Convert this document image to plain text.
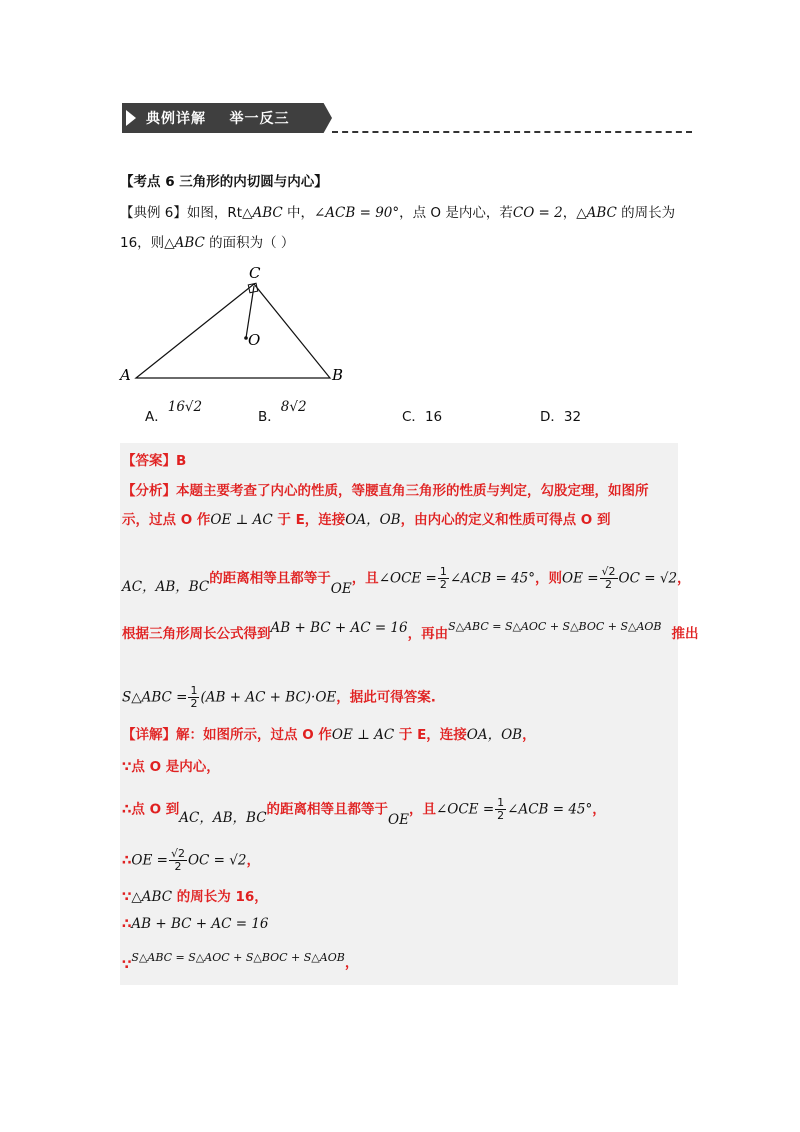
典例详解    举一反三
【考点 6 三角形的内切圆与内心】
【典例 6】如图，Rt△ABC 中，∠ACB = 90°，点 O 是内心，若CO = 2，△ABC 的周长为
16，则△ABC 的面积为（ ）
A	B
C
O
A．16√2
B．8√2
C．16	D．32
【答案】B
【分析】本题主要考查了内心的性质，等腰直角三角形的性质与判定，勾股定理，如图所
示，过点 O 作OE ⊥ AC 于 E，连接OA，OB，由内心的定义和性质可得点 O 到
AC，AB，BC的距离相等且都等于OE，且∠OCE = $\frac{1}{2}$ ∠ACB = 45°，则OE = $\frac{√2}{2}$ OC = √2，
根据三角形周长公式得到AB + BC + AC = 16，再由$^{S\triangle ABC = S\triangle AOC + S\triangle BOC + S\triangle AOB}$ 推出
S△ABC = $\frac{1}{2} (AB$ + AC + BC)·OE，据此可得答案.
【详解】解：如图所示，过点 O 作OE ⊥ AC 于 E，连接OA，OB，
∵点 O 是内心，
∴点 O 到AC，AB，BC的距离相等且都等于OE，且∠OCE = $\frac{1}{2}$ ∠ACB = 45°，
∴OE = $\frac{√2}{2}$ OC = √2，
∵△ABC 的周长为 16，
∴AB + BC + AC = 16
∵S△ABC = S△AOC + S△BOC + S△AOB，
